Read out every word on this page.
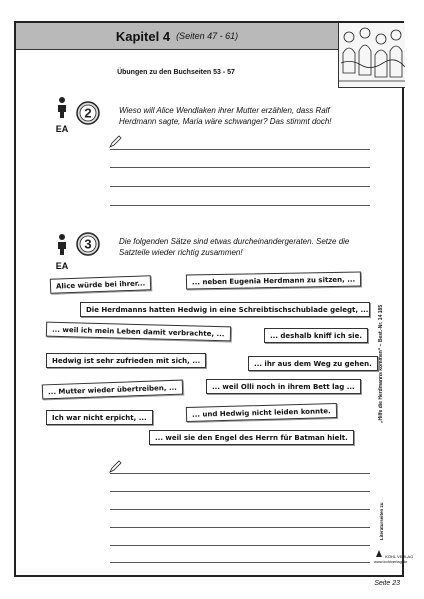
Kapitel 4 (Seiten 47 - 61)
Übungen zu den Buchseiten 53 - 57
EA
2	Wieso will Alice Wendlaken ihrer Mutter erzählen, dass Ralf Herdmann sagte, Maria wäre schwanger? Das stimmt doch!
EA
3	Die folgenden Sätze sind etwas durcheinandergeraten. Setze die Satzteile wieder richtig zusammen!
Alice würde bei ihrer...	... neben Eugenia Herdmann zu sitzen, ...
Die Herdmanns hatten Hedwig in eine Schreibtischschublade gelegt, ...
... weil ich mein Leben damit verbrachte, ...	... deshalb kniff ich sie.
Hedwig ist sehr zufrieden mit sich, ...	... ihr aus dem Weg zu gehen.
... Mutter wieder übertreiben, ...	... weil Olli noch in ihrem Bett lag ...
Ich war nicht erpicht, ...	... und Hedwig nicht leiden konnte.
... weil sie den Engel des Herrn für Batman hielt.
„Hilfe die Herdmanns kommen“ – Best.-Nr. 14 185
Literaturseiten zu
KOHL VERLAG www.kohlverlag.de
Seite 23
